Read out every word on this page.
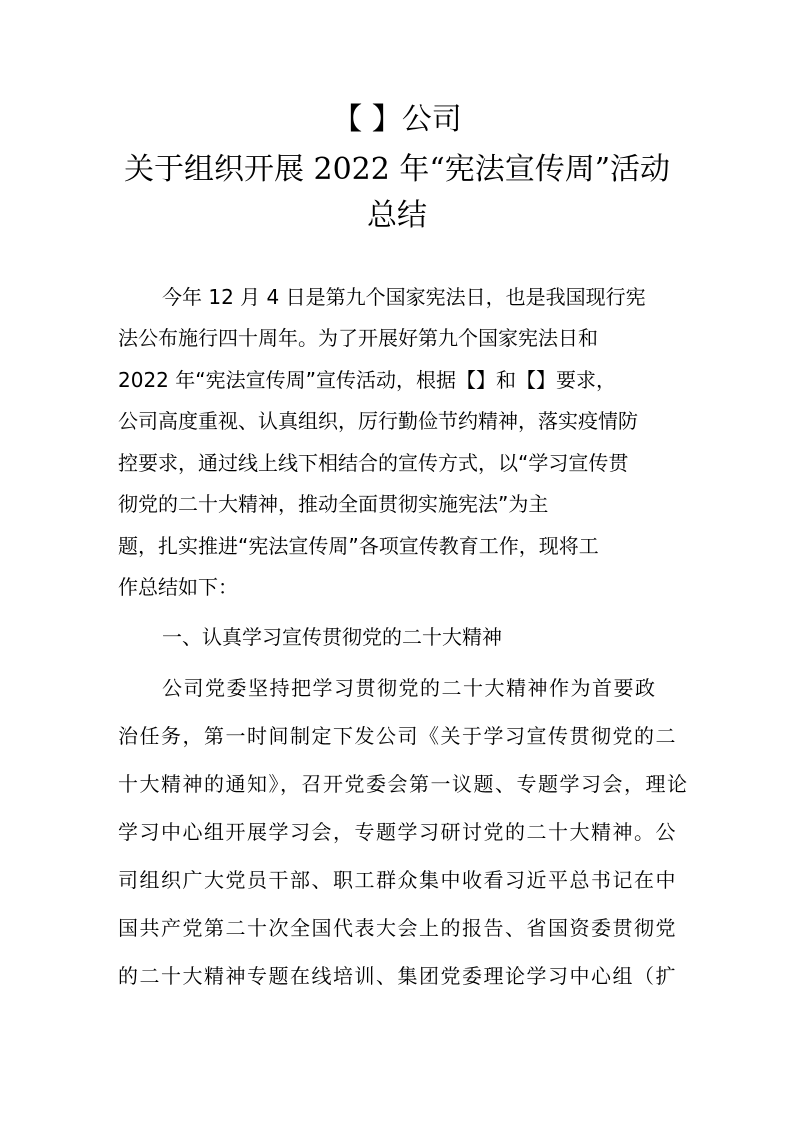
【 】公司
关于组织开展 2022 年“宪法宣传周”活动
总结
今年 12 月 4 日是第九个国家宪法日，也是我国现行宪
法公布施行四十周年。为了开展好第九个国家宪法日和
2022 年“宪法宣传周”宣传活动，根据【】和【】要求，
公司高度重视、认真组织，厉行勤俭节约精神，落实疫情防
控要求，通过线上线下相结合的宣传方式，以“学习宣传贯
彻党的二十大精神，推动全面贯彻实施宪法”为主
题，扎实推进“宪法宣传周”各项宣传教育工作，现将工
作总结如下：
一、认真学习宣传贯彻党的二十大精神
公司党委坚持把学习贯彻党的二十大精神作为首要政
治任务，第一时间制定下发公司《关于学习宣传贯彻党的二
十大精神的通知》，召开党委会第一议题、专题学习会，理论
学习中心组开展学习会，专题学习研讨党的二十大精神。公
司组织广大党员干部、职工群众集中收看习近平总书记在中
国共产党第二十次全国代表大会上的报告、省国资委贯彻党
的二十大精神专题在线培训、集团党委理论学习中心组（扩
